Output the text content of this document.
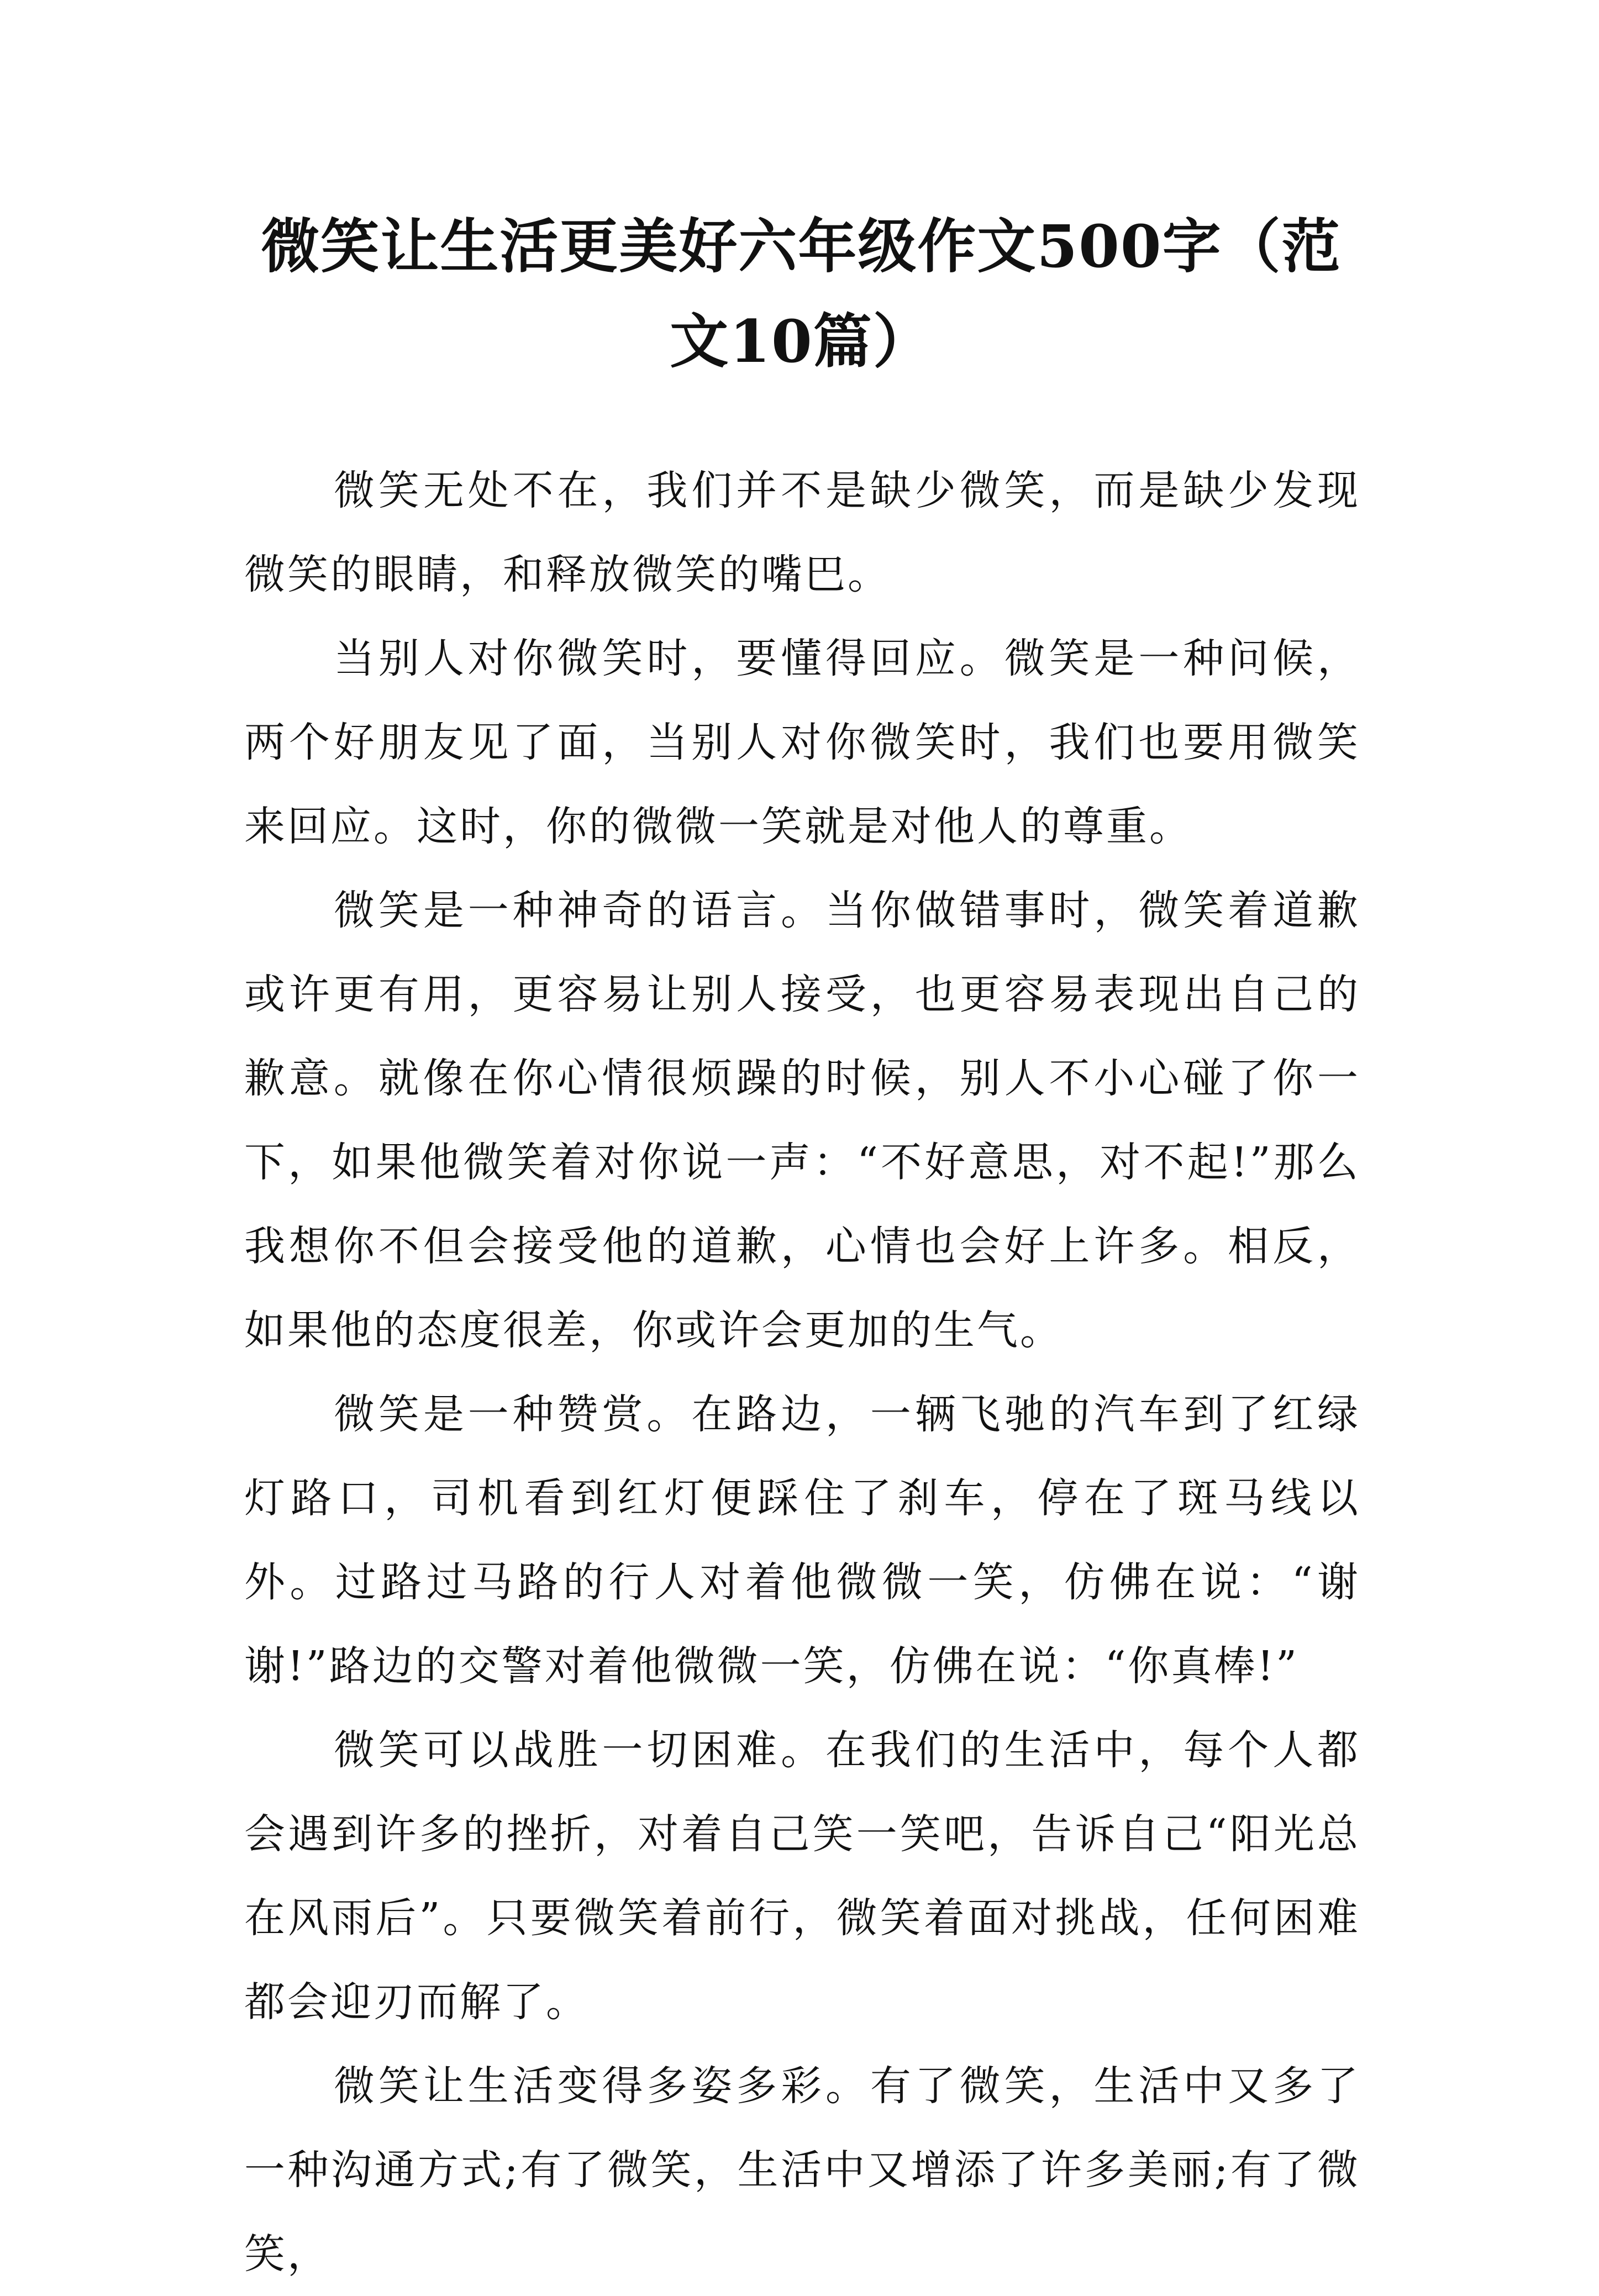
微笑让生活更美好六年级作文500字（范文10篇）

微笑无处不在，我们并不是缺少微笑，而是缺少发现微笑的眼睛，和释放微笑的嘴巴。

当别人对你微笑时，要懂得回应。微笑是一种问候，两个好朋友见了面，当别人对你微笑时，我们也要用微笑来回应。这时，你的微微一笑就是对他人的尊重。

微笑是一种神奇的语言。当你做错事时，微笑着道歉或许更有用，更容易让别人接受，也更容易表现出自己的歉意。就像在你心情很烦躁的时候，别人不小心碰了你一下，如果他微笑着对你说一声：“不好意思，对不起!”那么我想你不但会接受他的道歉，心情也会好上许多。相反，如果他的态度很差，你或许会更加的生气。

微笑是一种赞赏。在路边，一辆飞驰的汽车到了红绿灯路口，司机看到红灯便踩住了刹车，停在了斑马线以外。过路过马路的行人对着他微微一笑，仿佛在说：“谢谢!”路边的交警对着他微微一笑，仿佛在说：“你真棒!”

微笑可以战胜一切困难。在我们的生活中，每个人都会遇到许多的挫折，对着自己笑一笑吧，告诉自己“阳光总在风雨后”。只要微笑着前行，微笑着面对挑战，任何困难都会迎刃而解了。

微笑让生活变得多姿多彩。有了微笑，生活中又多了一种沟通方式;有了微笑，生活中又增添了许多美丽;有了微笑，
